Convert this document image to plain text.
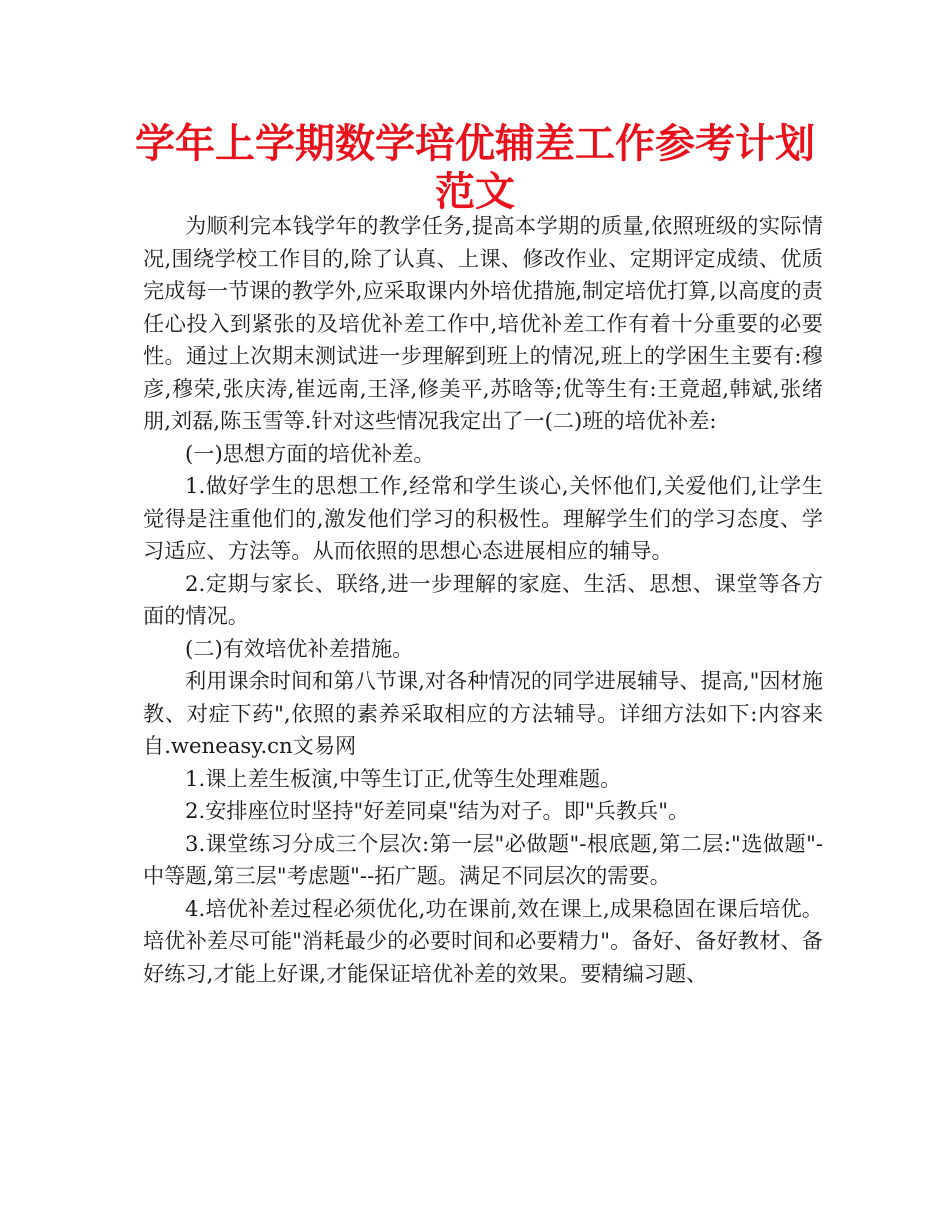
学年上学期数学培优辅差工作参考计划范文

为顺利完本钱学年的教学任务,提高本学期的质量,依照班级的实际情况,围绕学校工作目的,除了认真、上课、修改作业、定期评定成绩、优质完成每一节课的教学外,应采取课内外培优措施,制定培优打算,以高度的责任心投入到紧张的及培优补差工作中,培优补差工作有着十分重要的必要性。通过上次期末测试进一步理解到班上的情况,班上的学困生主要有:穆彦,穆荣,张庆涛,崔远南,王泽,修美平,苏晗等;优等生有:王竟超,韩斌,张绪朋,刘磊,陈玉雪等.针对这些情况我定出了一(二)班的培优补差:

(一)思想方面的培优补差。

1.做好学生的思想工作,经常和学生谈心,关怀他们,关爱他们,让学生觉得是注重他们的,激发他们学习的积极性。理解学生们的学习态度、学习适应、方法等。从而依照的思想心态进展相应的辅导。

2.定期与家长、联络,进一步理解的家庭、生活、思想、课堂等各方面的情况。

(二)有效培优补差措施。

利用课余时间和第八节课,对各种情况的同学进展辅导、提高,"因材施教、对症下药",依照的素养采取相应的方法辅导。详细方法如下:内容来自.weneasy.cn文易网

1.课上差生板演,中等生订正,优等生处理难题。

2.安排座位时坚持"好差同桌"结为对子。即"兵教兵"。

3.课堂练习分成三个层次:第一层"必做题"-根底题,第二层:"选做题"-中等题,第三层"考虑题"--拓广题。满足不同层次的需要。

4.培优补差过程必须优化,功在课前,效在课上,成果稳固在课后培优。培优补差尽可能"消耗最少的必要时间和必要精力"。备好、备好教材、备好练习,才能上好课,才能保证培优补差的效果。要精编习题、
